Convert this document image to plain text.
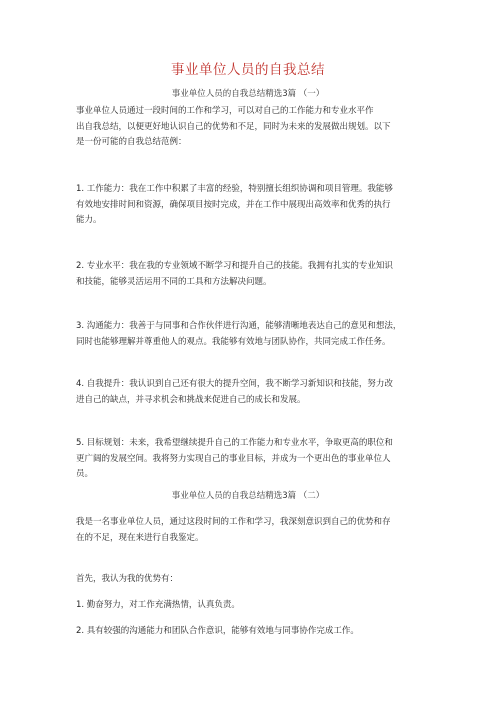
事业单位人员的自我总结
事业单位人员的自我总结精选3篇 （一）
事业单位人员通过一段时间的工作和学习，可以对自己的工作能力和专业水平作
出自我总结，以便更好地认识自己的优势和不足，同时为未来的发展做出规划。以下
是一份可能的自我总结范例：
1. 工作能力：我在工作中积累了丰富的经验，特别擅长组织协调和项目管理。我能够
有效地安排时间和资源，确保项目按时完成，并在工作中展现出高效率和优秀的执行
能力。
2. 专业水平：我在我的专业领域不断学习和提升自己的技能。我拥有扎实的专业知识
和技能，能够灵活运用不同的工具和方法解决问题。
3. 沟通能力：我善于与同事和合作伙伴进行沟通，能够清晰地表达自己的意见和想法，
同时也能够理解并尊重他人的观点。我能够有效地与团队协作，共同完成工作任务。
4. 自我提升：我认识到自己还有很大的提升空间，我不断学习新知识和技能，努力改
进自己的缺点，并寻求机会和挑战来促进自己的成长和发展。
5. 目标规划：未来，我希望继续提升自己的工作能力和专业水平，争取更高的职位和
更广阔的发展空间。我将努力实现自己的事业目标，并成为一个更出色的事业单位人
员。
事业单位人员的自我总结精选3篇 （二）
我是一名事业单位人员，通过这段时间的工作和学习，我深刻意识到自己的优势和存
在的不足，现在来进行自我鉴定。
首先，我认为我的优势有：
1. 勤奋努力，对工作充满热情，认真负责。
2. 具有较强的沟通能力和团队合作意识，能够有效地与同事协作完成工作。
